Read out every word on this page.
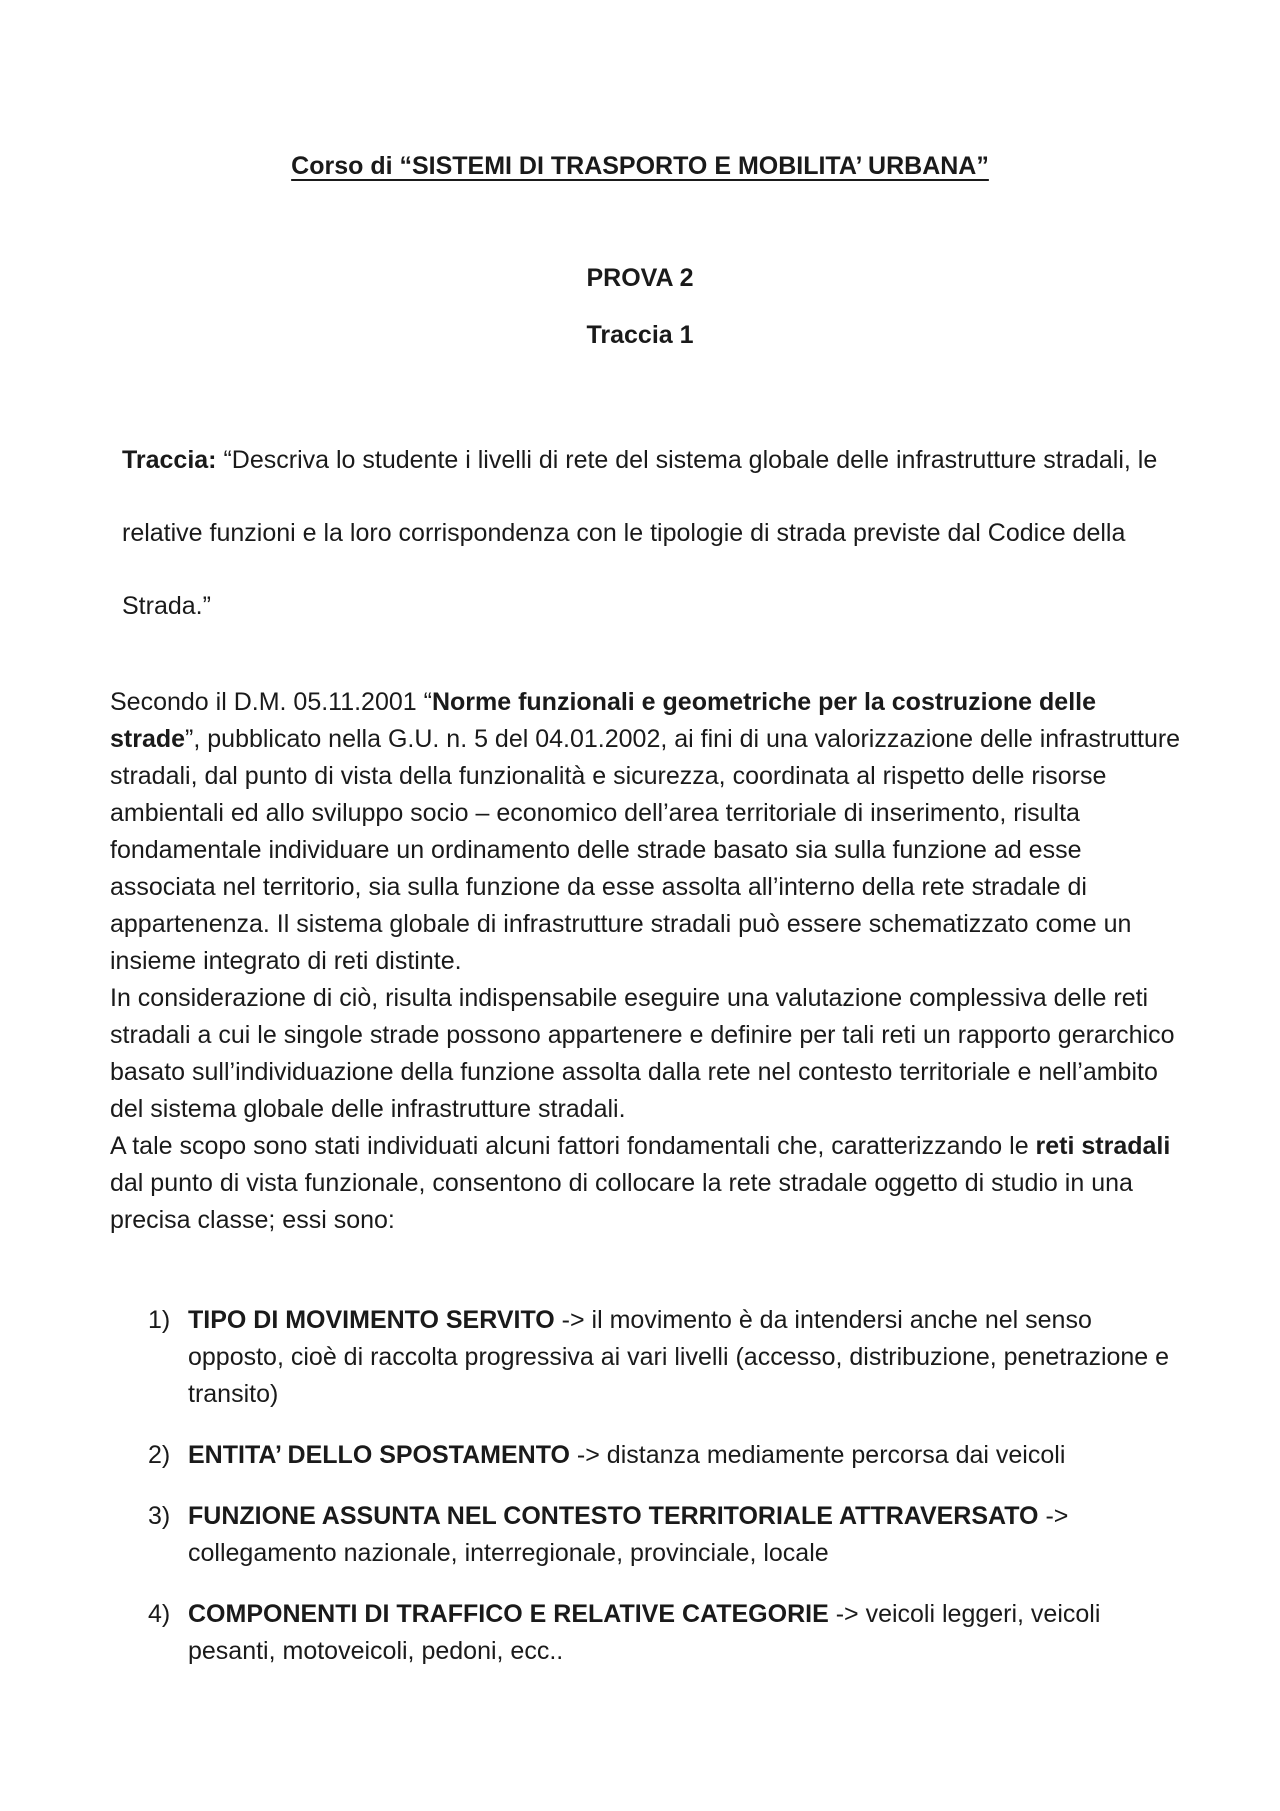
Corso di “SISTEMI DI TRASPORTO E MOBILITA’ URBANA”
PROVA 2
Traccia 1
Traccia: “Descriva lo studente i livelli di rete del sistema globale delle infrastrutture stradali, le relative funzioni e la loro corrispondenza con le tipologie di strada previste dal Codice della Strada.”

Secondo il D.M. 05.11.2001 “Norme funzionali e geometriche per la costruzione delle strade”, pubblicato nella G.U. n. 5 del 04.01.2002, ai fini di una valorizzazione delle infrastrutture stradali, dal punto di vista della funzionalità e sicurezza, coordinata al rispetto delle risorse ambientali ed allo sviluppo socio – economico dell’area territoriale di inserimento, risulta fondamentale individuare un ordinamento delle strade basato sia sulla funzione ad esse associata nel territorio, sia sulla funzione da esse assolta all’interno della rete stradale di appartenenza. Il sistema globale di infrastrutture stradali può essere schematizzato come un insieme integrato di reti distinte.

In considerazione di ciò, risulta indispensabile eseguire una valutazione complessiva delle reti stradali a cui le singole strade possono appartenere e definire per tali reti un rapporto gerarchico basato sull’individuazione della funzione assolta dalla rete nel contesto territoriale e nell’ambito del sistema globale delle infrastrutture stradali.

A tale scopo sono stati individuati alcuni fattori fondamentali che, caratterizzando le reti stradali dal punto di vista funzionale, consentono di collocare la rete stradale oggetto di studio in una precisa classe; essi sono:

1) TIPO DI MOVIMENTO SERVITO -> il movimento è da intendersi anche nel senso opposto, cioè di raccolta progressiva ai vari livelli (accesso, distribuzione, penetrazione e transito)
2) ENTITA’ DELLO SPOSTAMENTO -> distanza mediamente percorsa dai veicoli
3) FUNZIONE ASSUNTA NEL CONTESTO TERRITORIALE ATTRAVERSATO -> collegamento nazionale, interregionale, provinciale, locale
4) COMPONENTI DI TRAFFICO E RELATIVE CATEGORIE -> veicoli leggeri, veicoli pesanti, motoveicoli, pedoni, ecc..
